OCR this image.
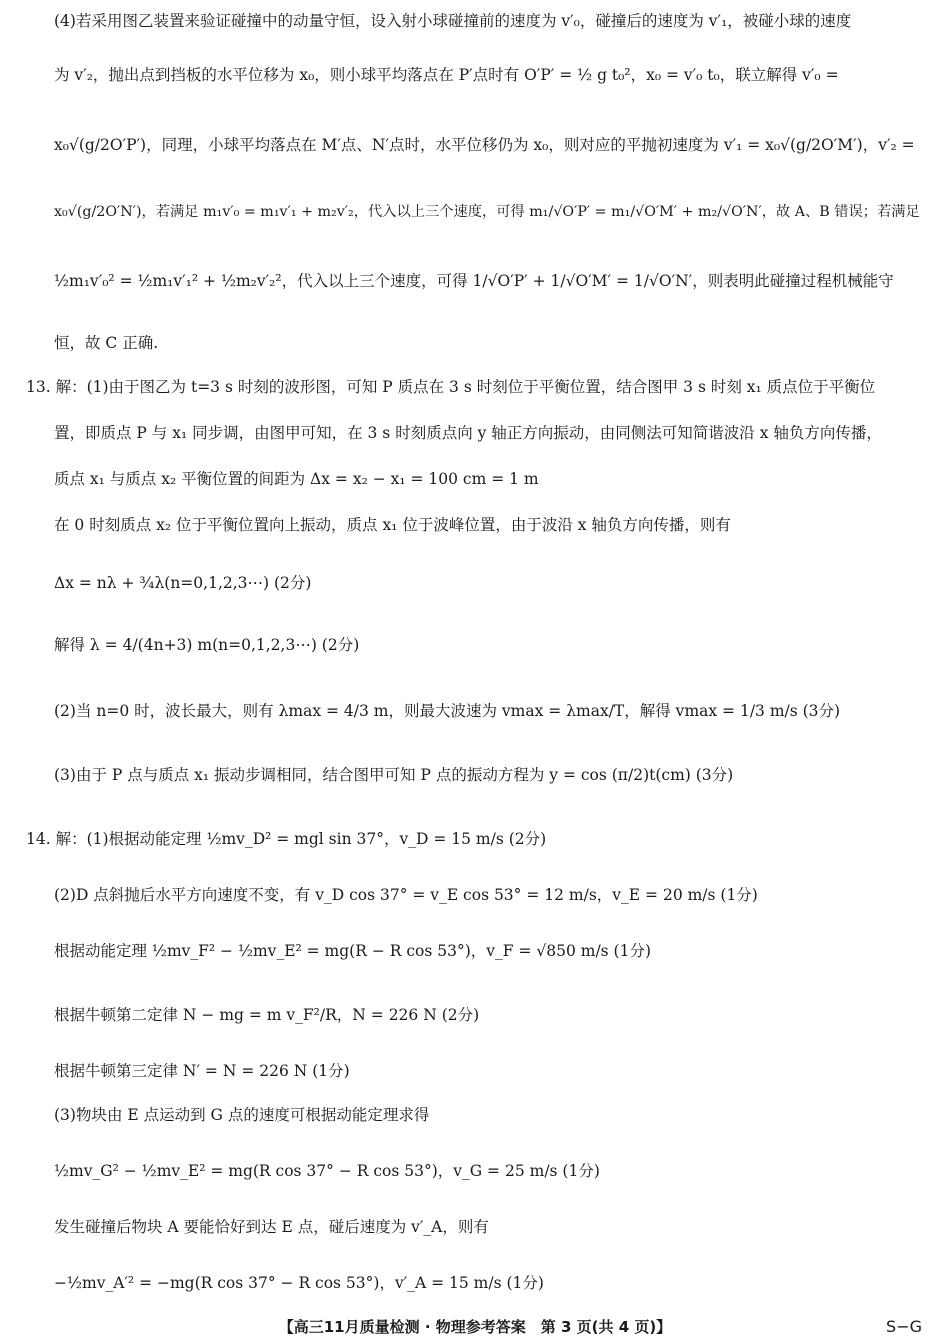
(4)若采用图乙装置来验证碰撞中的动量守恒，设入射小球碰撞前的速度为 v′₀，碰撞后的速度为 v′₁，被碰小球的速度
为 v′₂，抛出点到挡板的水平位移为 x₀，则小球平均落点在 P′点时有 O′P′ = ½ g t₀²，x₀ = v′₀ t₀，联立解得 v′₀ =
x₀√(g/2O′P′)，同理，小球平均落点在 M′点、N′点时，水平位移仍为 x₀，则对应的平抛初速度为 v′₁ = x₀√(g/2O′M′)，v′₂ =
x₀√(g/2O′N′)，若满足 m₁v′₀ = m₁v′₁ + m₂v′₂，代入以上三个速度，可得 m₁/√O′P′ = m₁/√O′M′ + m₂/√O′N′，故 A、B 错误；若满足
½m₁v′₀² = ½m₁v′₁² + ½m₂v′₂²，代入以上三个速度，可得 1/√O′P′ + 1/√O′M′ = 1/√O′N′，则表明此碰撞过程机械能守
恒，故 C 正确.
13. 解：(1)由于图乙为 t=3 s 时刻的波形图，可知 P 质点在 3 s 时刻位于平衡位置，结合图甲 3 s 时刻 x₁ 质点位于平衡位
置，即质点 P 与 x₁ 同步调，由图甲可知，在 3 s 时刻质点向 y 轴正方向振动，由同侧法可知简谐波沿 x 轴负方向传播，
质点 x₁ 与质点 x₂ 平衡位置的间距为 Δx = x₂ − x₁ = 100 cm = 1 m
在 0 时刻质点 x₂ 位于平衡位置向上振动，质点 x₁ 位于波峰位置，由于波沿 x 轴负方向传播，则有
Δx = nλ + ¾λ(n=0,1,2,3⋯) (2分)
解得 λ = 4/(4n+3) m(n=0,1,2,3⋯) (2分)
(2)当 n=0 时，波长最大，则有 λmax = 4/3 m，则最大波速为 vmax = λmax/T，解得 vmax = 1/3 m/s (3分)
(3)由于 P 点与质点 x₁ 振动步调相同，结合图甲可知 P 点的振动方程为 y = cos (π/2)t(cm) (3分)
14. 解：(1)根据动能定理 ½mv_D² = mgl sin 37°，v_D = 15 m/s (2分)
(2)D 点斜抛后水平方向速度不变，有 v_D cos 37° = v_E cos 53° = 12 m/s，v_E = 20 m/s (1分)
根据动能定理 ½mv_F² − ½mv_E² = mg(R − R cos 53°)，v_F = √850 m/s (1分)
根据牛顿第二定律 N − mg = m v_F²/R，N = 226 N (2分)
根据牛顿第三定律 N′ = N = 226 N (1分)
(3)物块由 E 点运动到 G 点的速度可根据动能定理求得
½mv_G² − ½mv_E² = mg(R cos 37° − R cos 53°)，v_G = 25 m/s (1分)
发生碰撞后物块 A 要能恰好到达 E 点，碰后速度为 v′_A，则有
−½mv_A′² = −mg(R cos 37° − R cos 53°)，v′_A = 15 m/s (1分)
【高三11月质量检测 · 物理参考答案　第 3 页(共 4 页)】	S−G
